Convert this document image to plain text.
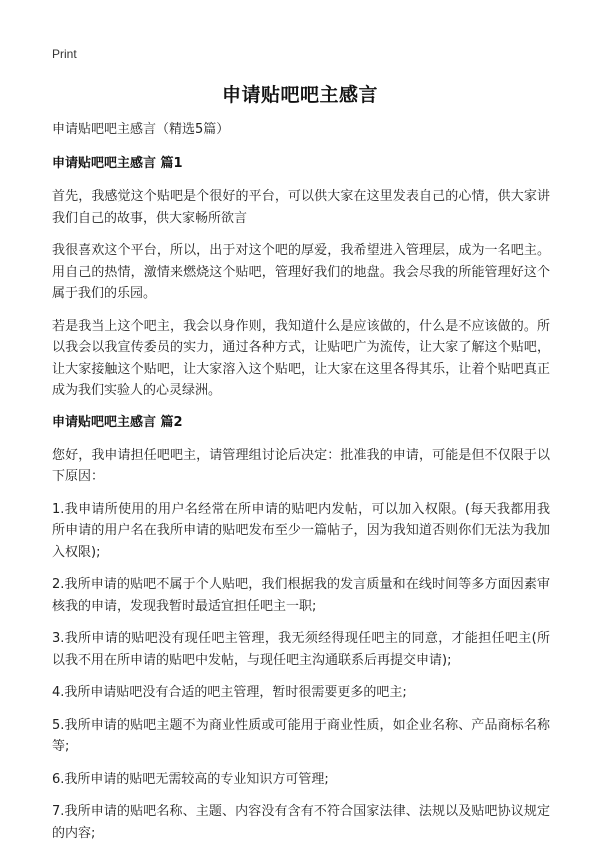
Print
申请贴吧吧主感言

申请贴吧吧主感言（精选5篇）

申请贴吧吧主感言 篇1

首先，我感觉这个贴吧是个很好的平台，可以供大家在这里发表自己的心情，供大家讲我们自己的故事，供大家畅所欲言

我很喜欢这个平台，所以，出于对这个吧的厚爱，我希望进入管理层，成为一名吧主。用自己的热情，激情来燃烧这个贴吧，管理好我们的地盘。我会尽我的所能管理好这个属于我们的乐园。

若是我当上这个吧主，我会以身作则，我知道什么是应该做的，什么是不应该做的。所以我会以我宣传委员的实力，通过各种方式，让贴吧广为流传，让大家了解这个贴吧，让大家接触这个贴吧，让大家溶入这个贴吧，让大家在这里各得其乐，让着个贴吧真正成为我们实验人的心灵绿洲。

申请贴吧吧主感言 篇2

您好，我申请担任吧吧主，请管理组讨论后决定：批准我的申请，可能是但不仅限于以下原因：

1.我申请所使用的用户名经常在所申请的贴吧内发帖，可以加入权限。(每天我都用我所申请的用户名在我所申请的贴吧发布至少一篇帖子，因为我知道否则你们无法为我加入权限);

2.我所申请的贴吧不属于个人贴吧，我们根据我的发言质量和在线时间等多方面因素审核我的申请，发现我暂时最适宜担任吧主一职;

3.我所申请的贴吧没有现任吧主管理，我无须经得现任吧主的同意，才能担任吧主(所以我不用在所申请的贴吧中发帖，与现任吧主沟通联系后再提交申请);

4.我所申请贴吧没有合适的吧主管理，暂时很需要更多的吧主;

5.我所申请的贴吧主题不为商业性质或可能用于商业性质，如企业名称、产品商标名称等;

6.我所申请的贴吧无需较高的专业知识方可管理;

7.我所申请的贴吧名称、主题、内容没有含有不符合国家法律、法规以及贴吧协议规定的内容;
